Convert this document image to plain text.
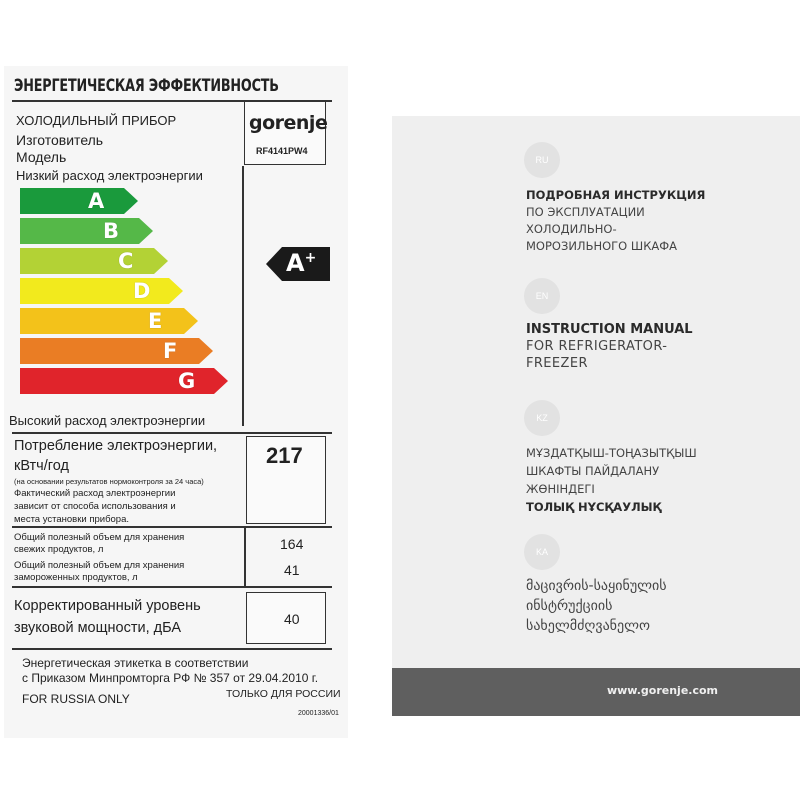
ЭНЕРГЕТИЧЕСКАЯ ЭФФЕКТИВНОСТЬ
ХОЛОДИЛЬНЫЙ ПРИБОР
Изготовитель
Модель
gorenje
RF4141PW4
Низкий расход электроэнергии
A
B
C
D
E
F
G
A+
Высокий расход электроэнергии
Потребление электроэнергии,
кВтч/год	217
(на основании результатов нормоконтроля за 24 часа)
Фактический расход электроэнергии
зависит от способа использования и
места установки прибора.
Общий полезный объем для хранения
свежих продуктов, л	164
Общий полезный объем для хранения
замороженных продуктов, л	41
Корректированный уровень
звуковой мощности, дБА
40
Энергетическая этикетка в соответствии
с Приказом Минпромторга РФ № 357 от 29.04.2010 г.
FOR RUSSIA ONLY	ТОЛЬКО ДЛЯ РОССИИ
20001336/01
RU
ПОДРОБНАЯ ИНСТРУКЦИЯ
ПО ЭКСПЛУАТАЦИИ
ХОЛОДИЛЬНО-
МОРОЗИЛЬНОГО ШКАФА
EN
INSTRUCTION MANUAL
FOR REFRIGERATOR-
FREEZER
KZ
МҰЗДАТҚЫШ-ТОҢАЗЫТҚЫШ
ШКАФТЫ ПАЙДАЛАНУ
ЖӨНІНДЕГІ
ТОЛЫҚ НҰСҚАУЛЫҚ
KA
მაცივრის-საყინულის
ინსტრუქციის
სახელმძღვანელო
www.gorenje.com
